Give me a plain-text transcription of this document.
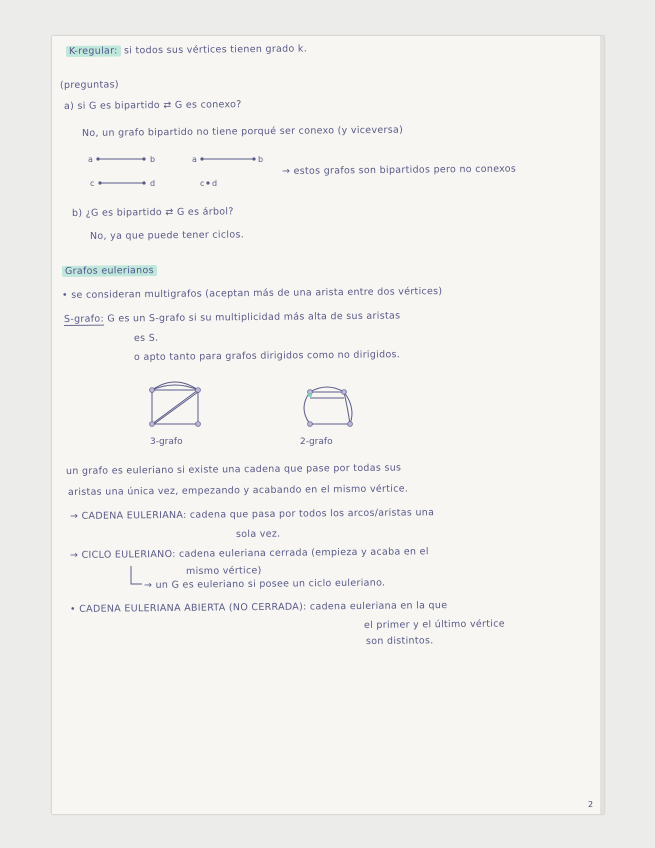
K-regular: si todos sus vértices tienen grado k.
(preguntas)
a) si G es bipartido ⇄ G es conexo?
No, un grafo bipartido no tiene porqué ser conexo (y viceversa)
a	b
c	d
a	b
c d
→ estos grafos son bipartidos pero no conexos
b) ¿G es bipartido ⇄ G es árbol?
No, ya que puede tener ciclos.
Grafos eulerianos
• se consideran multigrafos (aceptan más de una arista entre dos vértices)
S-grafo: G es un S-grafo si su multiplicidad más alta de sus aristas
es S.
o apto tanto para grafos dirigidos como no dirigidos.
3-grafo	2-grafo
un grafo es euleriano si existe una cadena que pase por todas sus
aristas una única vez, empezando y acabando en el mismo vértice.
→ CADENA EULERIANA: cadena que pasa por todos los arcos/aristas una
sola vez.
→ CICLO EULERIANO: cadena euleriana cerrada (empieza y acaba en el
mismo vértice)
→ un G es euleriano si posee un ciclo euleriano.
• CADENA EULERIANA ABIERTA (NO CERRADA): cadena euleriana en la que
el primer y el último vértice
son distintos.
2
